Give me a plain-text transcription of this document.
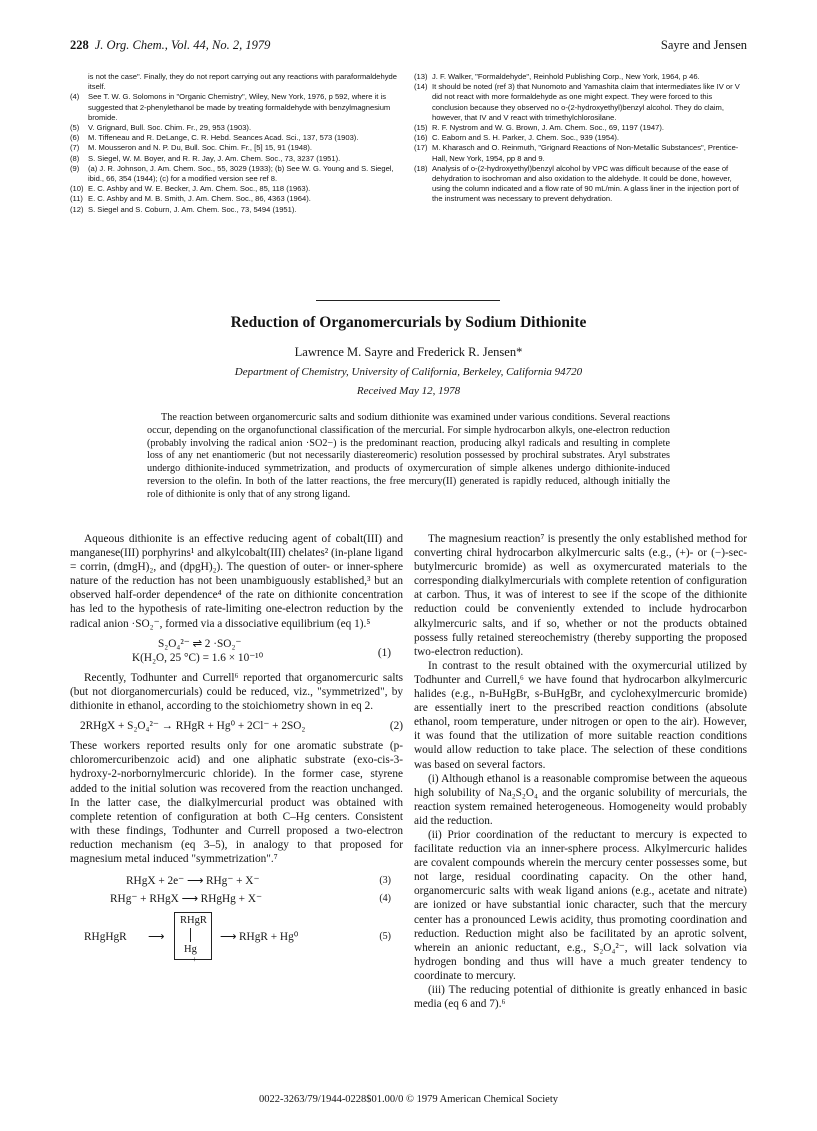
228 J. Org. Chem., Vol. 44, No. 2, 1979	Sayre and Jensen
is not the case". Finally, they do not report carrying out any reactions with paraformaldehyde itself.
(4) See T. W. G. Solomons in "Organic Chemistry", Wiley, New York, 1976, p 592, where it is suggested that 2-phenylethanol be made by treating formaldehyde with benzylmagnesium bromide.
(5) V. Grignard, Bull. Soc. Chim. Fr., 29, 953 (1903).
(6) M. Tiffeneau and R. DeLange, C. R. Hebd. Seances Acad. Sci., 137, 573 (1903).
(7) M. Mousseron and N. P. Du, Bull. Soc. Chim. Fr., [5] 15, 91 (1948).
(8) S. Siegel, W. M. Boyer, and R. R. Jay, J. Am. Chem. Soc., 73, 3237 (1951).
(9) (a) J. R. Johnson, J. Am. Chem. Soc., 55, 3029 (1933); (b) See W. G. Young and S. Siegel, ibid., 66, 354 (1944); (c) for a modified version see ref 8.
(10) E. C. Ashby and W. E. Becker, J. Am. Chem. Soc., 85, 118 (1963).
(11) E. C. Ashby and M. B. Smith, J. Am. Chem. Soc., 86, 4363 (1964).
(12) S. Siegel and S. Coburn, J. Am. Chem. Soc., 73, 5494 (1951).
(13) J. F. Walker, "Formaldehyde", Reinhold Publishing Corp., New York, 1964, p 46.
(14) It should be noted (ref 3) that Nunomoto and Yamashita claim that intermediates like IV or V did not react with more formaldehyde as one might expect. They were forced to this conclusion because they observed no o-(2-hydroxyethyl)benzyl alcohol. They do claim, however, that IV and V react with trimethylchlorosilane.
(15) R. F. Nystrom and W. G. Brown, J. Am. Chem. Soc., 69, 1197 (1947).
(16) C. Eaborn and S. H. Parker, J. Chem. Soc., 939 (1954).
(17) M. Kharasch and O. Reinmuth, "Grignard Reactions of Non-Metallic Substances", Prentice-Hall, New York, 1954, pp 8 and 9.
(18) Analysis of o-(2-hydroxyethyl)benzyl alcohol by VPC was difficult because of the ease of dehydration to isochroman and also oxidation to the aldehyde. It could be done, however, using the column indicated and a flow rate of 90 mL/min. A glass liner in the injection port of the instrument was necessary to prevent dehydration.
Reduction of Organomercurials by Sodium Dithionite
Lawrence M. Sayre and Frederick R. Jensen*
Department of Chemistry, University of California, Berkeley, California 94720
Received May 12, 1978
The reaction between organomercuric salts and sodium dithionite was examined under various conditions. Several reactions occur, depending on the organofunctional classification of the mercurial. For simple hydrocarbon alkyls, one-electron reduction (probably involving the radical anion ·SO2−) is the predominant reaction, producing alkyl radicals and resulting in complete loss of any net enantiomeric (but not necessarily diastereomeric) resolution possessed by prochiral substrates. Aryl substrates undergo dithionite-induced symmetrization, and products of oxymercuration of simple alkenes undergo dithionite-induced reversion to the olefin. In both of the latter reactions, the free mercury(II) generated is rapidly reduced, although initially the role of dithionite is only that of any strong ligand.

Aqueous dithionite is an effective reducing agent of cobalt(III) and manganese(III) porphyrins¹ and alkylcobalt(III) chelates² (in-plane ligand = corrin, (dmgH)₂, and (dpgH)₂). The question of outer- or inner-sphere nature of the reduction has not been unambiguously established,³ but an observed half-order dependence⁴ of the rate on dithionite concentration has led to the hypothesis of rate-limiting one-electron reduction by the radical anion ·SO₂⁻, formed via a dissociative equilibrium (eq 1).⁵

S₂O₄²⁻ ⇌ 2 ·SO₂⁻
K(H₂O, 25 °C) = 1.6 × 10⁻¹⁰	(1)

Recently, Todhunter and Currell⁶ reported that organomercuric salts (but not diorganomercurials) could be reduced, viz., "symmetrized", by dithionite in ethanol, according to the stoichiometry shown in eq 2.

2RHgX + S₂O₄²⁻ → RHgR + Hg⁰ + 2Cl⁻ + 2SO₂	(2)

These workers reported results only for one aromatic substrate (p-chloromercuribenzoic acid) and one aliphatic substrate (exo-cis-3-hydroxy-2-norbornylmercuric chloride). In the former case, styrene added to the initial solution was recovered from the reaction unchanged. In the latter case, the dialkylmercurial product was obtained with complete retention of configuration at both C–Hg centers. Consistent with these findings, Todhunter and Currell proposed a two-electron reduction mechanism (eq 3–5), in analogy to that proposed for magnesium metal induced "symmetrization".⁷

RHgX + 2e⁻ ⟶ RHg⁻ + X⁻	(3)
RHg⁻ + RHgX ⟶ RHgHg + X⁻	(4)
RHgHgR ⟶
RHgR
Hg
+
⟶ RHgR + Hg⁰	(5)

The magnesium reaction⁷ is presently the only established method for converting chiral hydrocarbon alkylmercuric salts (e.g., (+)- or (−)-sec-butylmercuric bromide) as well as oxymercurated materials to the corresponding dialkylmercurials with complete retention of configuration at carbon. Thus, it was of interest to see if the scope of the dithionite reduction could be conveniently extended to include hydrocarbon alkylmercuric salts, and if so, whether or not the products obtained possess fully retained stereochemistry (thereby supporting the proposed two-electron reduction).

In contrast to the result obtained with the oxymercurial utilized by Todhunter and Currell,⁶ we have found that hydrocarbon alkylmercuric halides (e.g., n-BuHgBr, s-BuHgBr, and cyclohexylmercuric bromide) are essentially inert to the prescribed reaction conditions (absolute ethanol, room temperature, under nitrogen or open to the air). However, it was found that the utilization of more suitable reaction conditions would allow reduction to take place. The selection of these conditions was based on several factors.

(i) Although ethanol is a reasonable compromise between the aqueous high solubility of Na₂S₂O₄ and the organic solubility of mercurials, the reaction system remained heterogeneous. Homogeneity would probably aid the reduction.

(ii) Prior coordination of the reductant to mercury is expected to facilitate reduction via an inner-sphere process. Alkylmercuric halides are covalent compounds wherein the mercury center possesses some, but not large, residual coordinating capacity. On the other hand, organomercuric salts with weak ligand anions (e.g., acetate and nitrate) are ionized or have substantial ionic character, such that the mercury center has a pronounced Lewis acidity, thus promoting coordination and reduction. Reduction might also be facilitated by an aprotic solvent, wherein an anionic reductant, e.g., S₂O₄²⁻, will lack solvation via hydrogen bonding and thus will have a much greater tendency to coordinate to mercury.

(iii) The reducing potential of dithionite is greatly enhanced in basic media (eq 6 and 7).⁶

0022-3263/79/1944-0228$01.00/0 © 1979 American Chemical Society
